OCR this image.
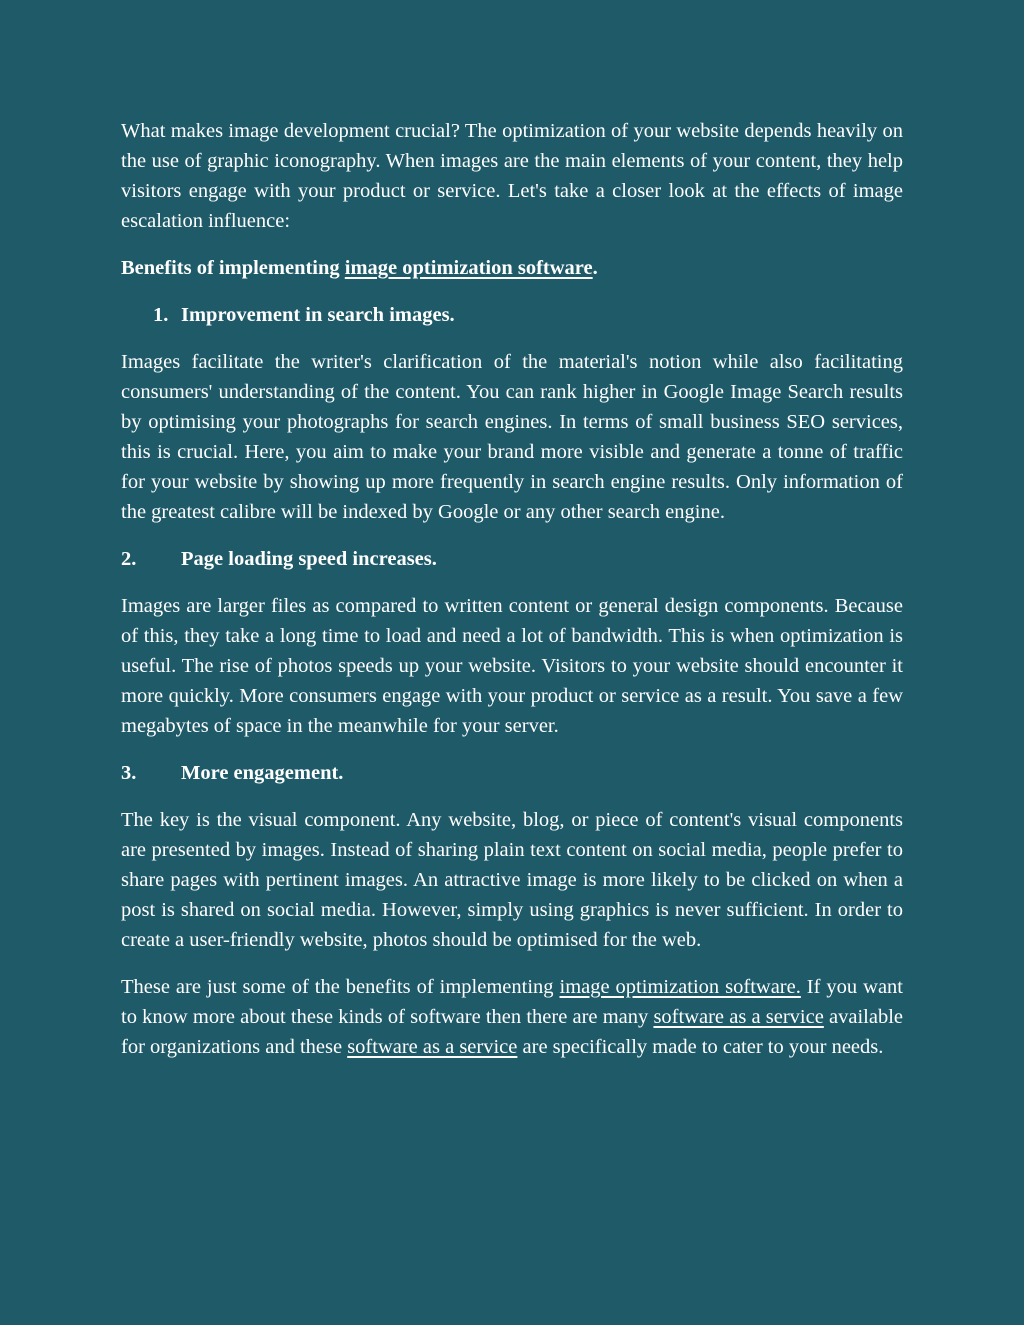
What makes image development crucial? The optimization of your website depends heavily on the use of graphic iconography. When images are the main elements of your content, they help visitors engage with your product or service. Let's take a closer look at the effects of image escalation influence:

Benefits of implementing image optimization software.

1. Improvement in search images.

Images facilitate the writer's clarification of the material's notion while also facilitating consumers' understanding of the content. You can rank higher in Google Image Search results by optimising your photographs for search engines. In terms of small business SEO services, this is crucial. Here, you aim to make your brand more visible and generate a tonne of traffic for your website by showing up more frequently in search engine results. Only information of the greatest calibre will be indexed by Google or any other search engine.

2.	Page loading speed increases.

Images are larger files as compared to written content or general design components. Because of this, they take a long time to load and need a lot of bandwidth. This is when optimization is useful. The rise of photos speeds up your website. Visitors to your website should encounter it more quickly. More consumers engage with your product or service as a result. You save a few megabytes of space in the meanwhile for your server.

3.	More engagement.

The key is the visual component. Any website, blog, or piece of content's visual components are presented by images. Instead of sharing plain text content on social media, people prefer to share pages with pertinent images. An attractive image is more likely to be clicked on when a post is shared on social media. However, simply using graphics is never sufficient. In order to create a user-friendly website, photos should be optimised for the web.

These are just some of the benefits of implementing image optimization software. If you want to know more about these kinds of software then there are many software as a service available for organizations and these software as a service are specifically made to cater to your needs.
